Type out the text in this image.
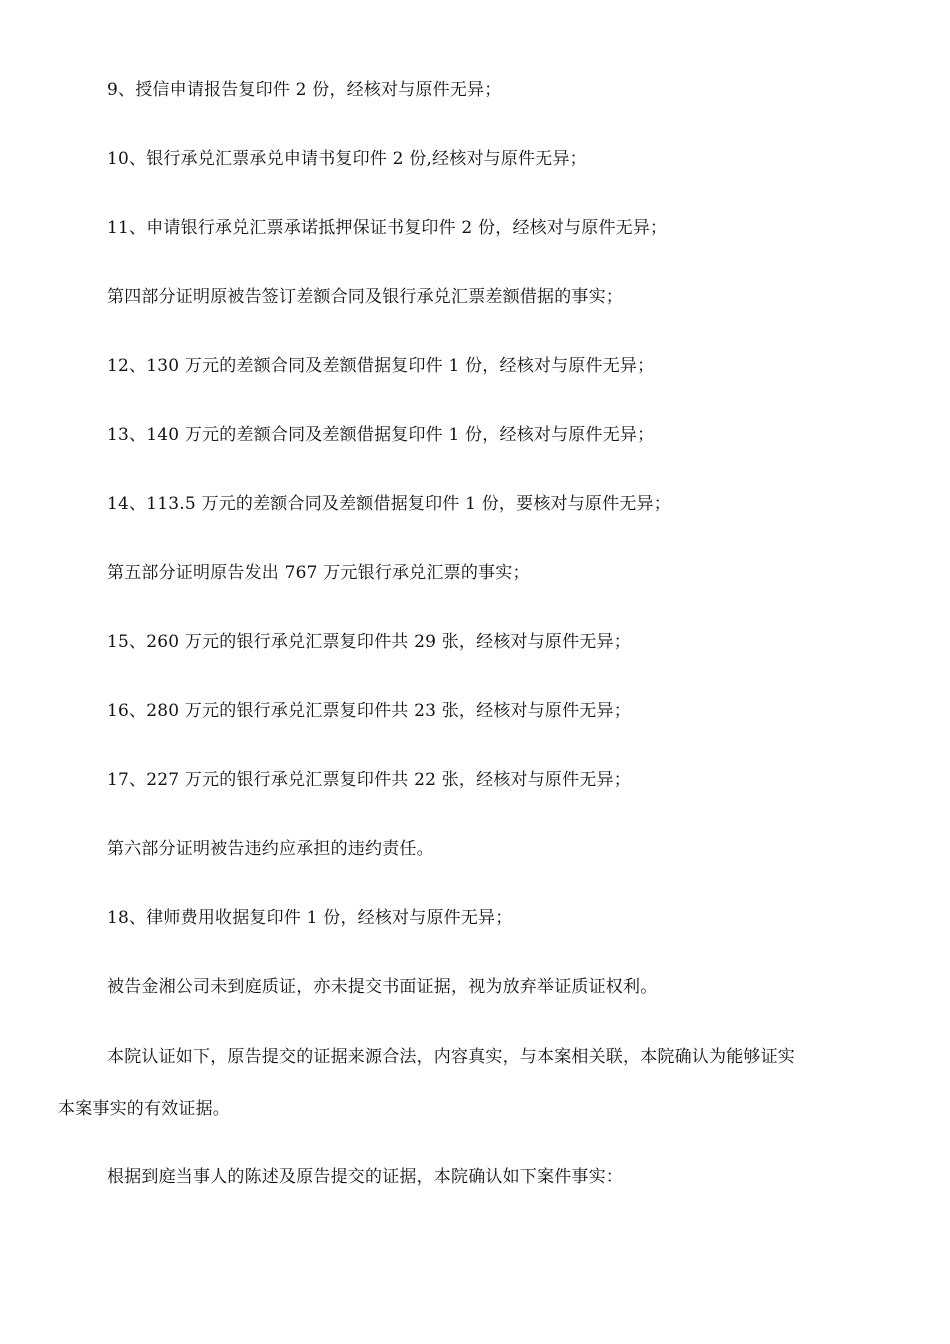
9、授信申请报告复印件 2 份，经核对与原件无异；

10、银行承兑汇票承兑申请书复印件 2 份,经核对与原件无异；

11、申请银行承兑汇票承诺抵押保证书复印件 2 份，经核对与原件无异；

第四部分证明原被告签订差额合同及银行承兑汇票差额借据的事实；

12、130 万元的差额合同及差额借据复印件 1 份，经核对与原件无异；

13、140 万元的差额合同及差额借据复印件 1 份，经核对与原件无异；

14、113.5 万元的差额合同及差额借据复印件 1 份，要核对与原件无异；

第五部分证明原告发出 767 万元银行承兑汇票的事实；

15、260 万元的银行承兑汇票复印件共 29 张，经核对与原件无异；

16、280 万元的银行承兑汇票复印件共 23 张，经核对与原件无异；

17、227 万元的银行承兑汇票复印件共 22 张，经核对与原件无异；

第六部分证明被告违约应承担的违约责任。

18、律师费用收据复印件 1 份，经核对与原件无异；

被告金湘公司未到庭质证，亦未提交书面证据，视为放弃举证质证权利。

本院认证如下，原告提交的证据来源合法，内容真实，与本案相关联，本院确认为能够证实

本案事实的有效证据。

根据到庭当事人的陈述及原告提交的证据，本院确认如下案件事实：
